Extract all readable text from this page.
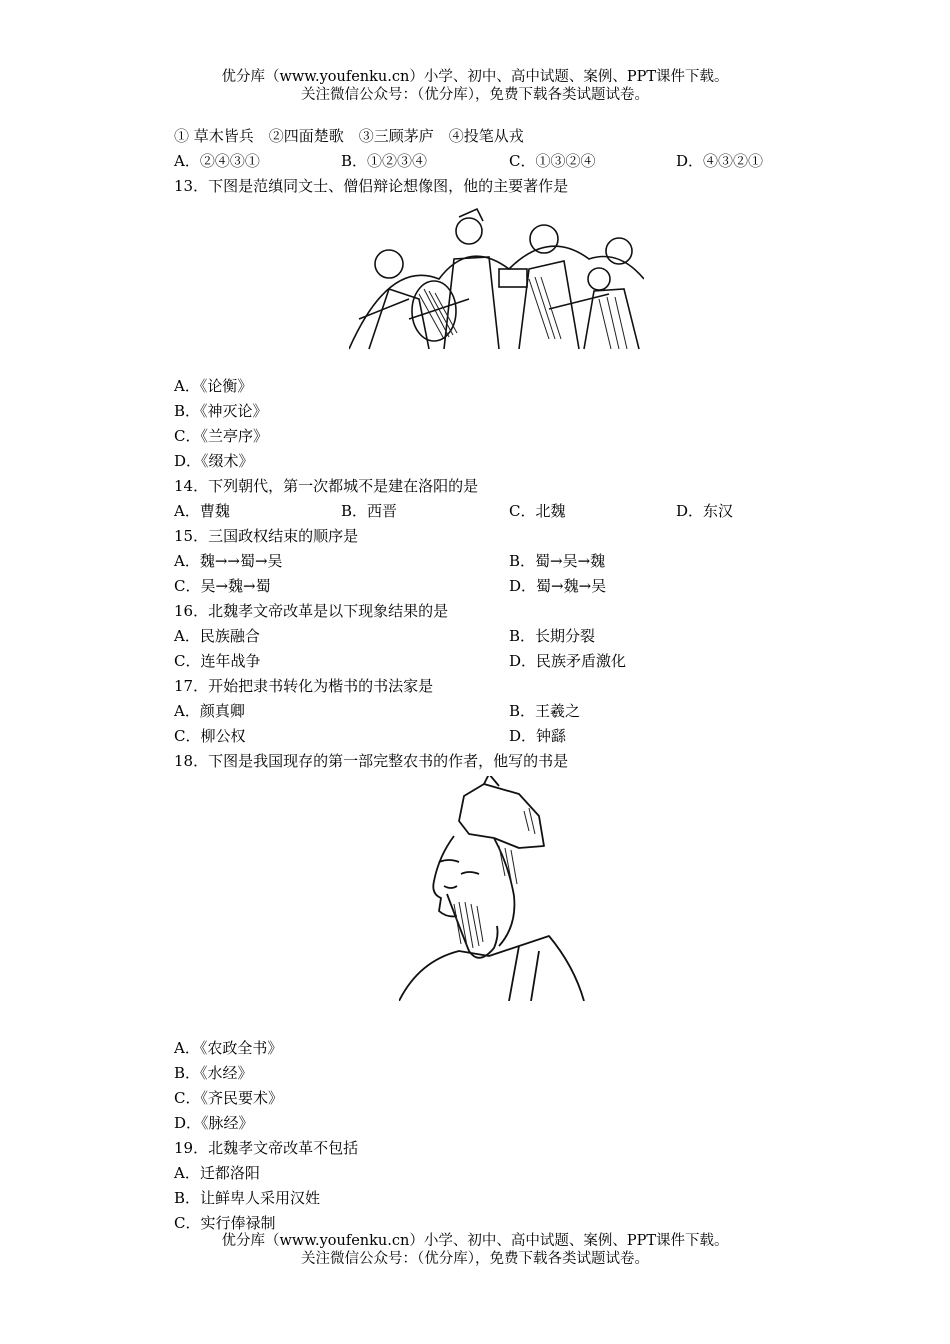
优分库（www.youfenku.cn）小学、初中、高中试题、案例、PPT课件下载。
关注微信公众号：（优分库），免费下载各类试题试卷。
① 草木皆兵　②四面楚歌　③三顾茅庐　④投笔从戎
A．②④③①	B．①②③④	C．①③②④	D．④③②①
13．下图是范缜同文士、僧侣辩论想像图，他的主要著作是
A．《论衡》
B．《神灭论》
C．《兰亭序》
D．《缀术》
14．下列朝代，第一次都城不是建在洛阳的是
A．曹魏	B．西晋	C．北魏	D．东汉
15．三国政权结束的顺序是
A．魏→→蜀→吴	B．蜀→吴→魏
C．吴→魏→蜀	D．蜀→魏→吴
16．北魏孝文帝改革是以下现象结果的是
A．民族融合	B．长期分裂
C．连年战争	D．民族矛盾激化
17．开始把隶书转化为楷书的书法家是
A．颜真卿	B．王羲之
C．柳公权	D．钟繇
18．下图是我国现存的第一部完整农书的作者，他写的书是
A．《农政全书》
B．《水经》
C．《齐民要术》
D．《脉经》
19．北魏孝文帝改革不包括
A．迁都洛阳
B．让鲜卑人采用汉姓
C．实行俸禄制
优分库（www.youfenku.cn）小学、初中、高中试题、案例、PPT课件下载。
关注微信公众号：（优分库），免费下载各类试题试卷。
